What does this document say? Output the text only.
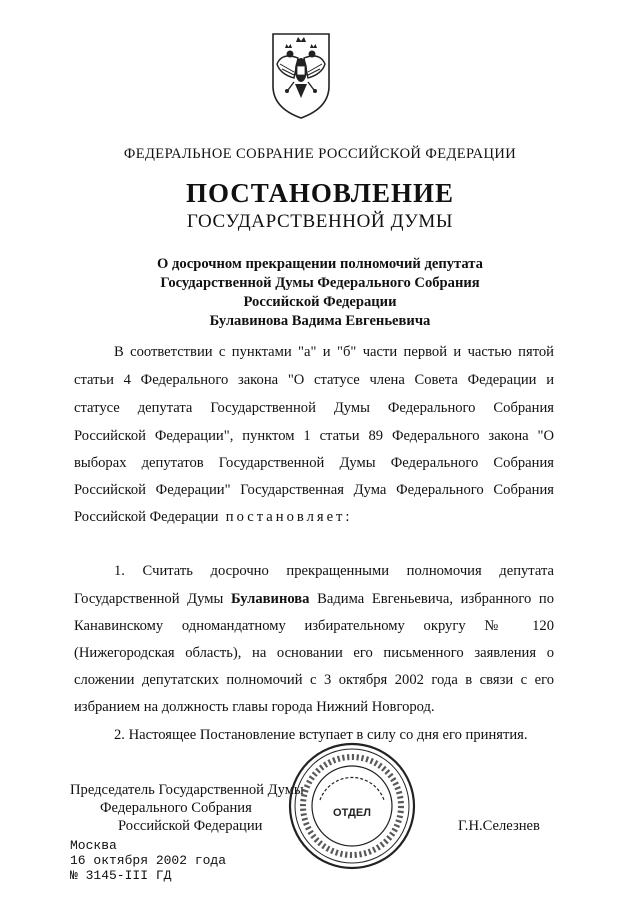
ФЕДЕРАЛЬНОЕ СОБРАНИЕ РОССИЙСКОЙ ФЕДЕРАЦИИ
ПОСТАНОВЛЕНИЕ
ГОСУДАРСТВЕННОЙ ДУМЫ
О досрочном прекращении полномочий депутата
Государственной Думы Федерального Собрания
Российской Федерации
Булавинова Вадима Евгеньевича
В соответствии с пунктами "а" и "б" части первой и частью пятой
статьи 4 Федерального закона "О статусе члена Совета Федерации и
статусе депутата Государственной Думы Федерального Собрания
Российской Федерации", пунктом 1 статьи 89 Федерального закона "О
выборах депутатов Государственной Думы Федерального Собрания
Российской Федерации" Государственная Дума Федерального Собрания
Российской Федерации постановляет:
1. Считать досрочно прекращенными полномочия депутата
Государственной Думы Булавинова Вадима Евгеньевича, избранного по
Канавинскому одномандатному избирательному округу № 120
(Нижегородская область), на основании его письменного заявления о
сложении депутатских полномочий с 3 октября 2002 года в связи с его
избранием на должность главы города Нижний Новгород.
2. Настоящее Постановление вступает в силу со дня его принятия.
Председатель Государственной Думы
Федерального Собрания
Российской Федерации	Г.Н.Селезнев
ОТДЕЛ
Москва
16 октября 2002 года
№ 3145-III ГД
